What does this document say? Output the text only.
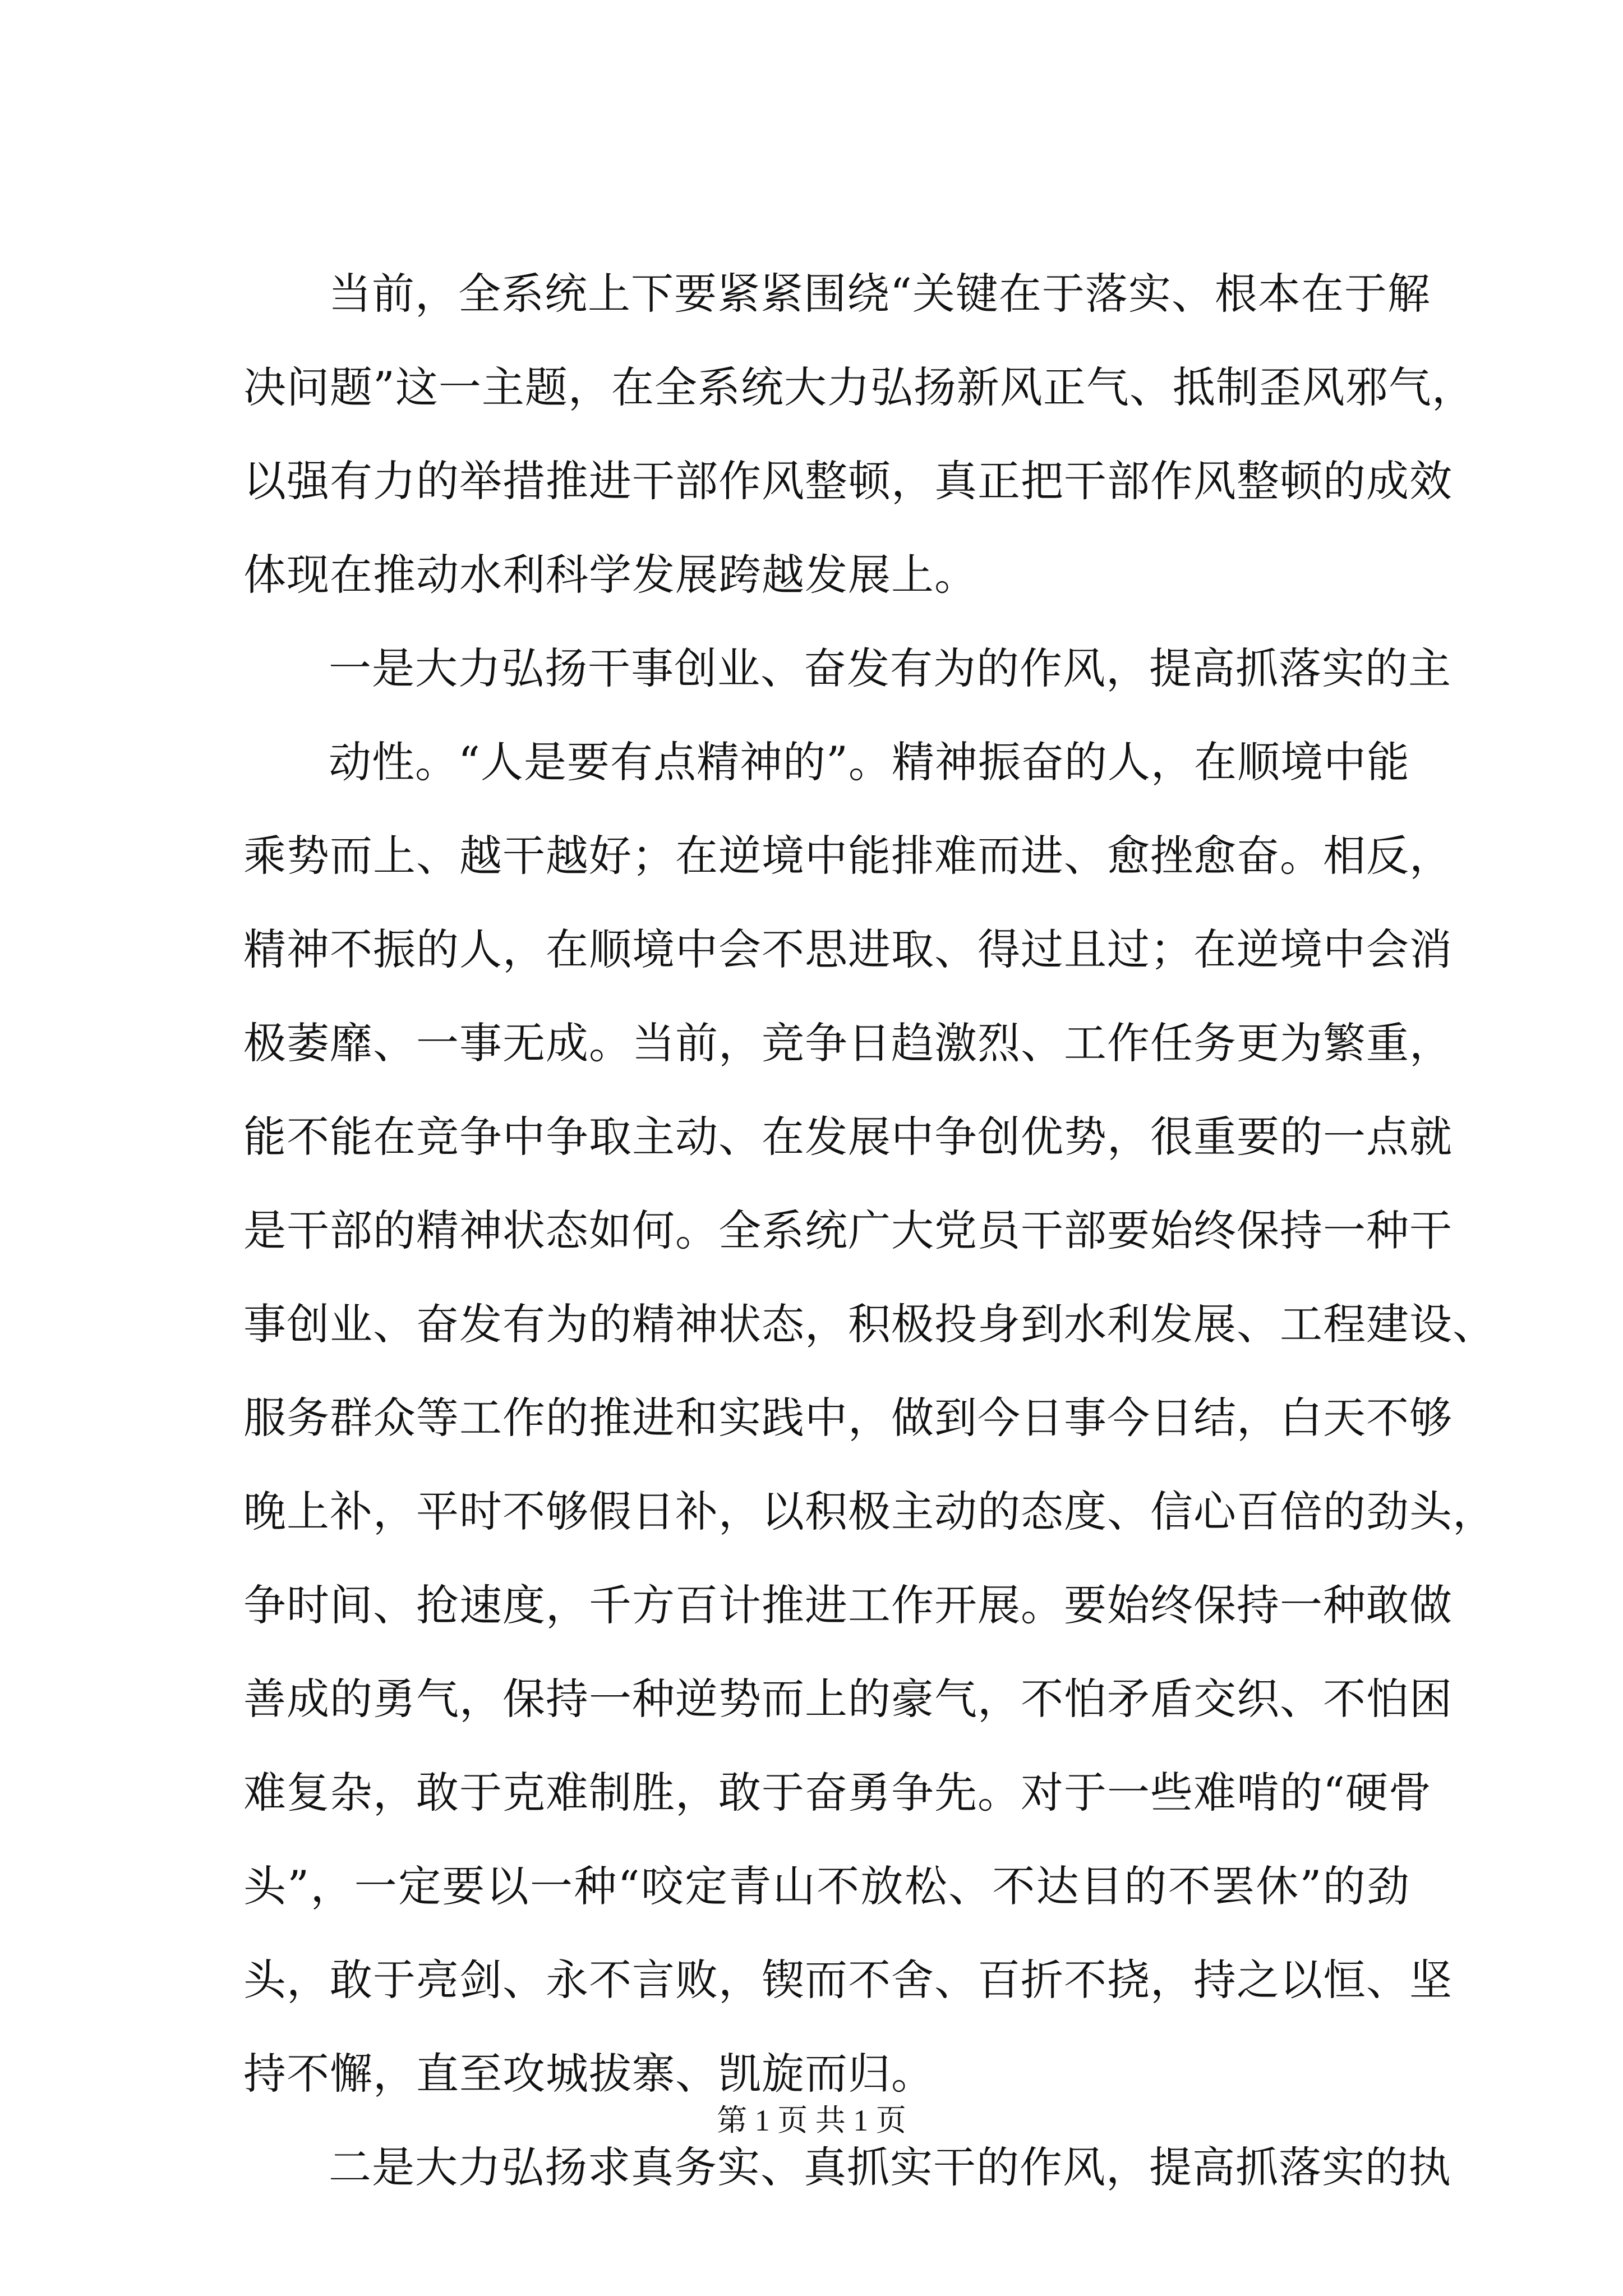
当前，全系统上下要紧紧围绕“关键在于落实、根本在于解
决问题”这一主题，在全系统大力弘扬新风正气、抵制歪风邪气，
以强有力的举措推进干部作风整顿，真正把干部作风整顿的成效
体现在推动水利科学发展跨越发展上。
一是大力弘扬干事创业、奋发有为的作风，提高抓落实的主
动性。“人是要有点精神的”。精神振奋的人，在顺境中能
乘势而上、越干越好；在逆境中能排难而进、愈挫愈奋。相反，
精神不振的人，在顺境中会不思进取、得过且过；在逆境中会消
极萎靡、一事无成。当前，竞争日趋激烈、工作任务更为繁重，
能不能在竞争中争取主动、在发展中争创优势，很重要的一点就
是干部的精神状态如何。全系统广大党员干部要始终保持一种干
事创业、奋发有为的精神状态，积极投身到水利发展、工程建设、
服务群众等工作的推进和实践中，做到今日事今日结，白天不够
晚上补，平时不够假日补，以积极主动的态度、信心百倍的劲头，
争时间、抢速度，千方百计推进工作开展。要始终保持一种敢做
善成的勇气，保持一种逆势而上的豪气，不怕矛盾交织、不怕困
难复杂，敢于克难制胜，敢于奋勇争先。对于一些难啃的“硬骨
头”，一定要以一种“咬定青山不放松、不达目的不罢休”的劲
头，敢于亮剑、永不言败，锲而不舍、百折不挠，持之以恒、坚
持不懈，直至攻城拔寨、凯旋而归。
二是大力弘扬求真务实、真抓实干的作风，提高抓落实的执
第 1 页 共 1 页
